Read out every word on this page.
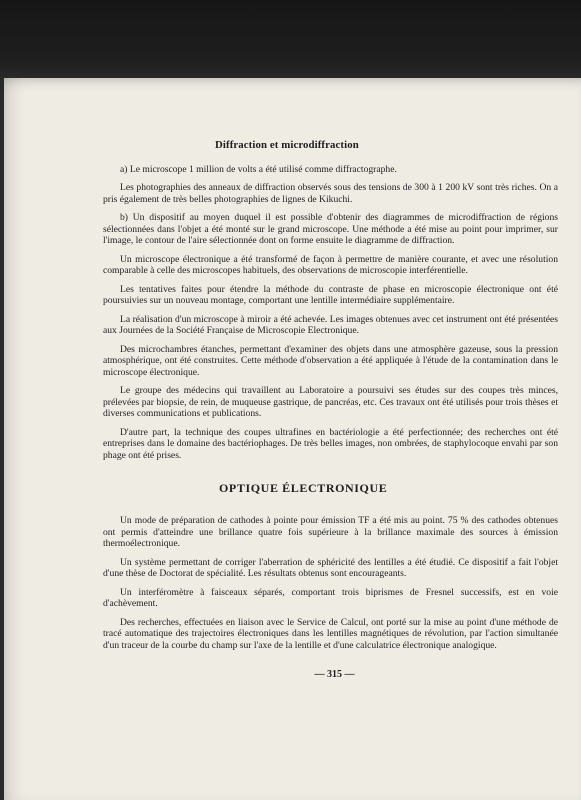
Diffraction et microdiffraction

a) Le microscope 1 million de volts a été utilisé comme diffractographe.

Les photographies des anneaux de diffraction observés sous des tensions de 300 à 1 200 kV sont très riches. On a pris également de très belles photographies de lignes de Kikuchi.

b) Un dispositif au moyen duquel il est possible d'obtenir des diagrammes de microdiffraction de régions sélectionnées dans l'objet a été monté sur le grand microscope. Une méthode a été mise au point pour imprimer, sur l'image, le contour de l'aire sélectionnée dont on forme ensuite le diagramme de diffraction.

Un microscope électronique a été transformé de façon à permettre de manière courante, et avec une résolution comparable à celle des microscopes habituels, des observations de microscopie interférentielle.

Les tentatives faites pour étendre la méthode du contraste de phase en microscopie électronique ont été poursuivies sur un nouveau montage, comportant une lentille intermédiaire supplémentaire.

La réalisation d'un microscope à miroir a été achevée. Les images obtenues avec cet instrument ont été présentées aux Journées de la Société Française de Microscopie Electronique.

Des microchambres étanches, permettant d'examiner des objets dans une atmosphère gazeuse, sous la pression atmosphérique, ont été construites. Cette méthode d'observation a été appliquée à l'étude de la contamination dans le microscope électronique.

Le groupe des médecins qui travaillent au Laboratoire a poursuivi ses études sur des coupes très minces, prélevées par biopsie, de rein, de muqueuse gastrique, de pancréas, etc. Ces travaux ont été utilisés pour trois thèses et diverses communications et publications.

D'autre part, la technique des coupes ultrafines en bactériologie a été perfectionnée; des recherches ont été entreprises dans le domaine des bactériophages. De très belles images, non ombrées, de staphylocoque envahi par son phage ont été prises.

OPTIQUE ÉLECTRONIQUE

Un mode de préparation de cathodes à pointe pour émission TF a été mis au point. 75 % des cathodes obtenues ont permis d'atteindre une brillance quatre fois supérieure à la brillance maximale des sources à émission thermoélectronique.

Un système permettant de corriger l'aberration de sphéricité des lentilles a été étudié. Ce dispositif a fait l'objet d'une thèse de Doctorat de spécialité. Les résultats obtenus sont encourageants.

Un interféromètre à faisceaux séparés, comportant trois biprismes de Fresnel successifs, est en voie d'achèvement.

Des recherches, effectuées en liaison avec le Service de Calcul, ont porté sur la mise au point d'une méthode de tracé automatique des trajectoires électroniques dans les lentilles magnétiques de révolution, par l'action simultanée d'un traceur de la courbe du champ sur l'axe de la lentille et d'une calculatrice électronique analogique.

— 315 —
